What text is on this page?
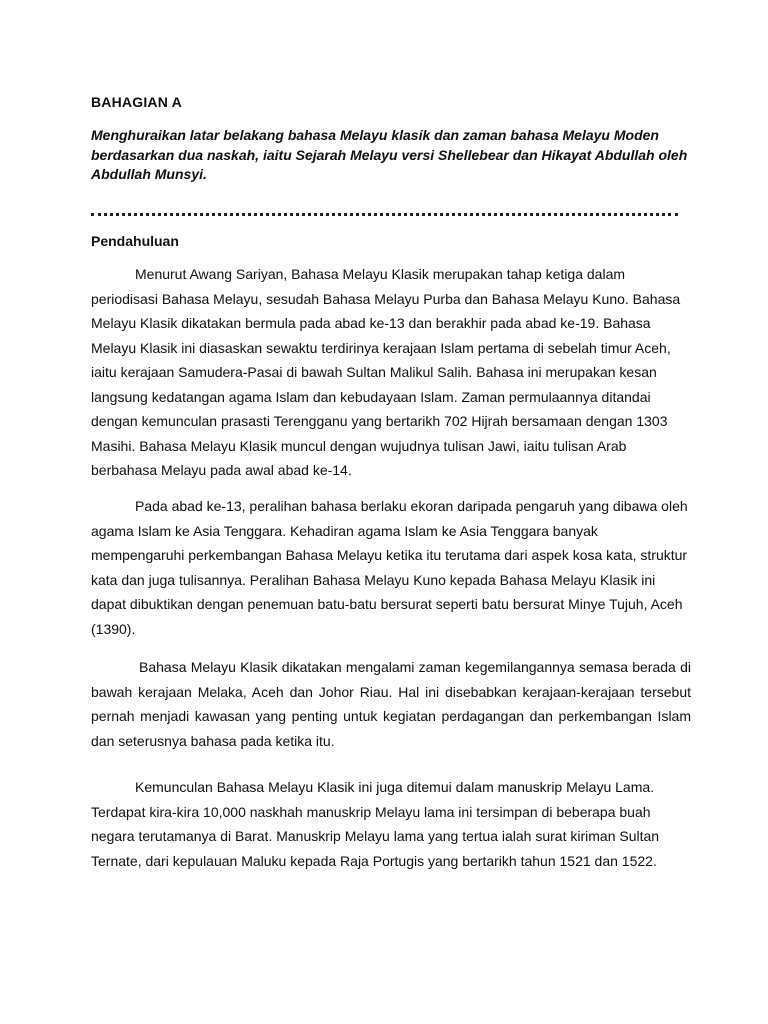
BAHAGIAN A

Menghuraikan latar belakang bahasa Melayu klasik dan zaman bahasa Melayu Moden berdasarkan dua naskah, iaitu Sejarah Melayu versi Shellebear dan Hikayat Abdullah oleh Abdullah Munsyi.

Pendahuluan

Menurut Awang Sariyan, Bahasa Melayu Klasik merupakan tahap ketiga dalam periodisasi Bahasa Melayu, sesudah Bahasa Melayu Purba dan Bahasa Melayu Kuno. Bahasa Melayu Klasik dikatakan bermula pada abad ke-13 dan berakhir pada abad ke-19. Bahasa Melayu Klasik ini diasaskan sewaktu terdirinya kerajaan Islam pertama di sebelah timur Aceh, iaitu kerajaan Samudera-Pasai di bawah Sultan Malikul Salih. Bahasa ini merupakan kesan langsung kedatangan agama Islam dan kebudayaan Islam. Zaman permulaannya ditandai dengan kemunculan prasasti Terengganu yang bertarikh 702 Hijrah bersamaan dengan 1303 Masihi. Bahasa Melayu Klasik muncul dengan wujudnya tulisan Jawi, iaitu tulisan Arab berbahasa Melayu pada awal abad ke-14.

Pada abad ke-13, peralihan bahasa berlaku ekoran daripada pengaruh yang dibawa oleh agama Islam ke Asia Tenggara. Kehadiran agama Islam ke Asia Tenggara banyak mempengaruhi perkembangan Bahasa Melayu ketika itu terutama dari aspek kosa kata, struktur kata dan juga tulisannya. Peralihan Bahasa Melayu Kuno kepada Bahasa Melayu Klasik ini dapat dibuktikan dengan penemuan batu-batu bersurat seperti batu bersurat Minye Tujuh, Aceh (1390).

Bahasa Melayu Klasik dikatakan mengalami zaman kegemilangannya semasa berada di bawah kerajaan Melaka, Aceh dan Johor Riau. Hal ini disebabkan kerajaan-kerajaan tersebut pernah menjadi kawasan yang penting untuk kegiatan perdagangan dan perkembangan Islam dan seterusnya bahasa pada ketika itu.

Kemunculan Bahasa Melayu Klasik ini juga ditemui dalam manuskrip Melayu Lama. Terdapat kira-kira 10,000 naskhah manuskrip Melayu lama ini tersimpan di beberapa buah negara terutamanya di Barat. Manuskrip Melayu lama yang tertua ialah surat kiriman Sultan Ternate, dari kepulauan Maluku kepada Raja Portugis yang bertarikh tahun 1521 dan 1522.
